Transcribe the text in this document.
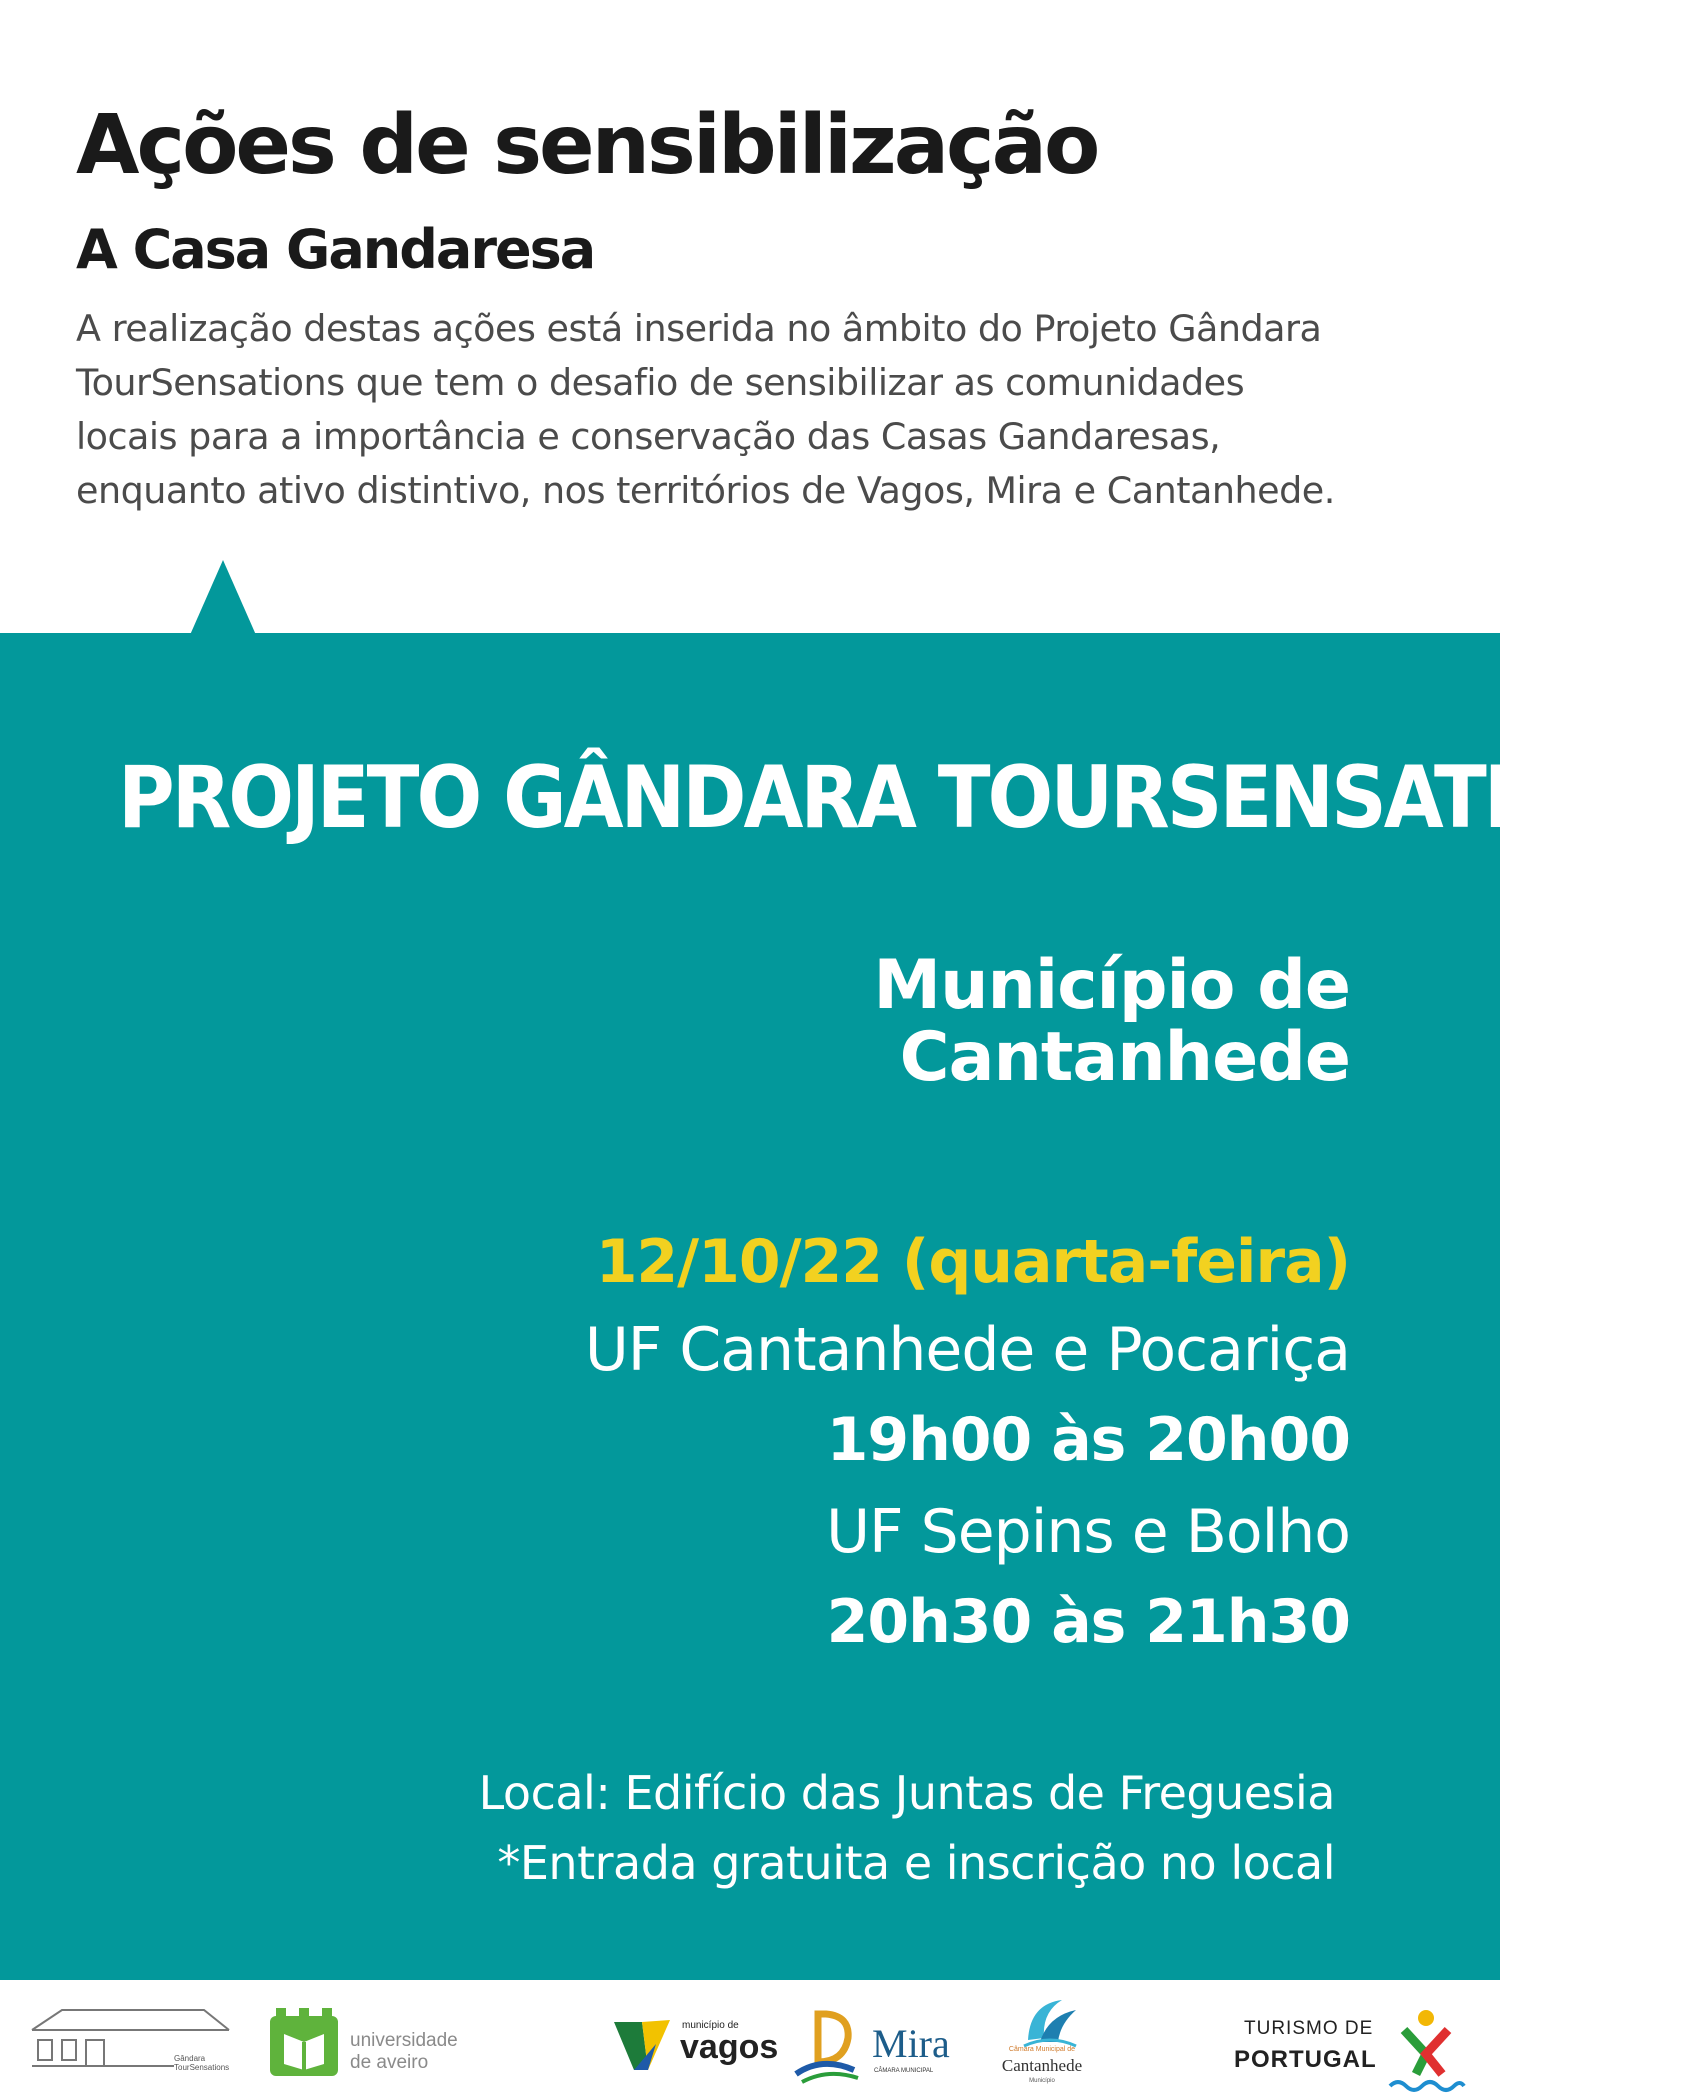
Ações de sensibilização
A Casa Gandaresa
A realização destas ações está inserida no âmbito do Projeto Gândara
TourSensations que tem o desafio de sensibilizar as comunidades
locais para a importância e conservação das Casas Gandaresas,
enquanto ativo distintivo, nos territórios de Vagos, Mira e Cantanhede.
PROJETO GÂNDARA TOURSENSATIONS
Município de
Cantanhede
12/10/22 (quarta-feira)
UF Cantanhede e Pocariça
19h00 às 20h00
UF Sepins e Bolho
20h30 às 21h30
Local: Edifício das Juntas de Freguesia
*Entrada gratuita e inscrição no local
Gândara
TourSensations
universidade
de aveiro
município de
vagos Mira
CÂMARA MUNICIPAL
Câmara Municipal de
Cantanhede
Município
TURISMO DE
PORTUGAL
